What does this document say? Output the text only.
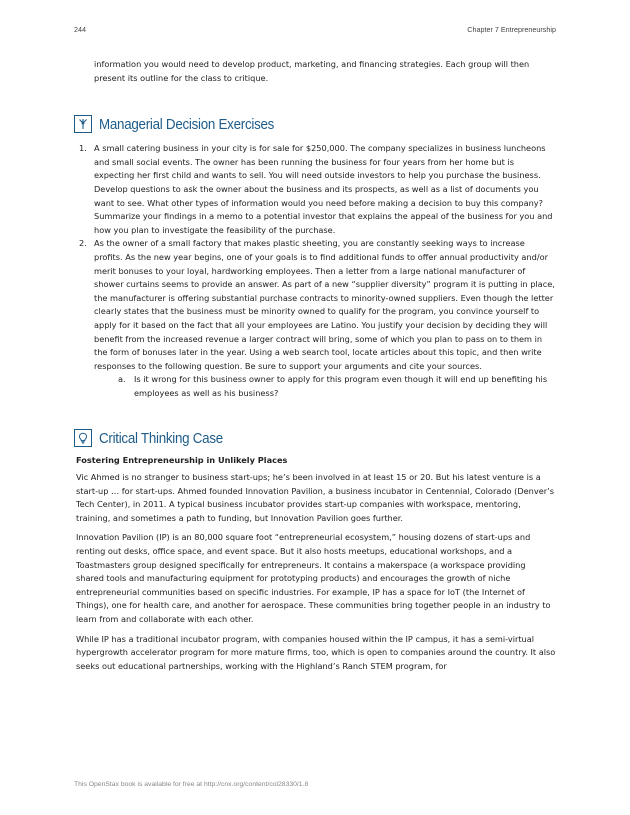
244	Chapter 7 Entrepreneurship

information you would need to develop product, marketing, and financing strategies. Each group will then present its outline for the class to critique.

Managerial Decision Exercises
1. A small catering business in your city is for sale for $250,000. The company specializes in business luncheons and small social events. The owner has been running the business for four years from her home but is expecting her first child and wants to sell. You will need outside investors to help you purchase the business. Develop questions to ask the owner about the business and its prospects, as well as a list of documents you want to see. What other types of information would you need before making a decision to buy this company? Summarize your findings in a memo to a potential investor that explains the appeal of the business for you and how you plan to investigate the feasibility of the purchase.
2. As the owner of a small factory that makes plastic sheeting, you are constantly seeking ways to increase profits. As the new year begins, one of your goals is to find additional funds to offer annual productivity and/or merit bonuses to your loyal, hardworking employees. Then a letter from a large national manufacturer of shower curtains seems to provide an answer. As part of a new “supplier diversity” program it is putting in place, the manufacturer is offering substantial purchase contracts to minority-owned suppliers. Even though the letter clearly states that the business must be minority owned to qualify for the program, you convince yourself to apply for it based on the fact that all your employees are Latino. You justify your decision by deciding they will benefit from the increased revenue a larger contract will bring, some of which you plan to pass on to them in the form of bonuses later in the year. Using a web search tool, locate articles about this topic, and then write responses to the following question. Be sure to support your arguments and cite your sources.
a. Is it wrong for this business owner to apply for this program even though it will end up benefiting his employees as well as his business?
Critical Thinking Case
Fostering Entrepreneurship in Unlikely Places

Vic Ahmed is no stranger to business start-ups; he’s been involved in at least 15 or 20. But his latest venture is a start-up … for start-ups. Ahmed founded Innovation Pavilion, a business incubator in Centennial, Colorado (Denver’s Tech Center), in 2011. A typical business incubator provides start-up companies with workspace, mentoring, training, and sometimes a path to funding, but Innovation Pavilion goes further.

Innovation Pavilion (IP) is an 80,000 square foot “entrepreneurial ecosystem,” housing dozens of start-ups and renting out desks, office space, and event space. But it also hosts meetups, educational workshops, and a Toastmasters group designed specifically for entrepreneurs. It contains a makerspace (a workspace providing shared tools and manufacturing equipment for prototyping products) and encourages the growth of niche entrepreneurial communities based on specific industries. For example, IP has a space for IoT (the Internet of Things), one for health care, and another for aerospace. These communities bring together people in an industry to learn from and collaborate with each other.

While IP has a traditional incubator program, with companies housed within the IP campus, it has a semi-virtual hypergrowth accelerator program for more mature firms, too, which is open to companies around the country. It also seeks out educational partnerships, working with the Highland’s Ranch STEM program, for

This OpenStax book is available for free at http://cnx.org/content/col28330/1.8
